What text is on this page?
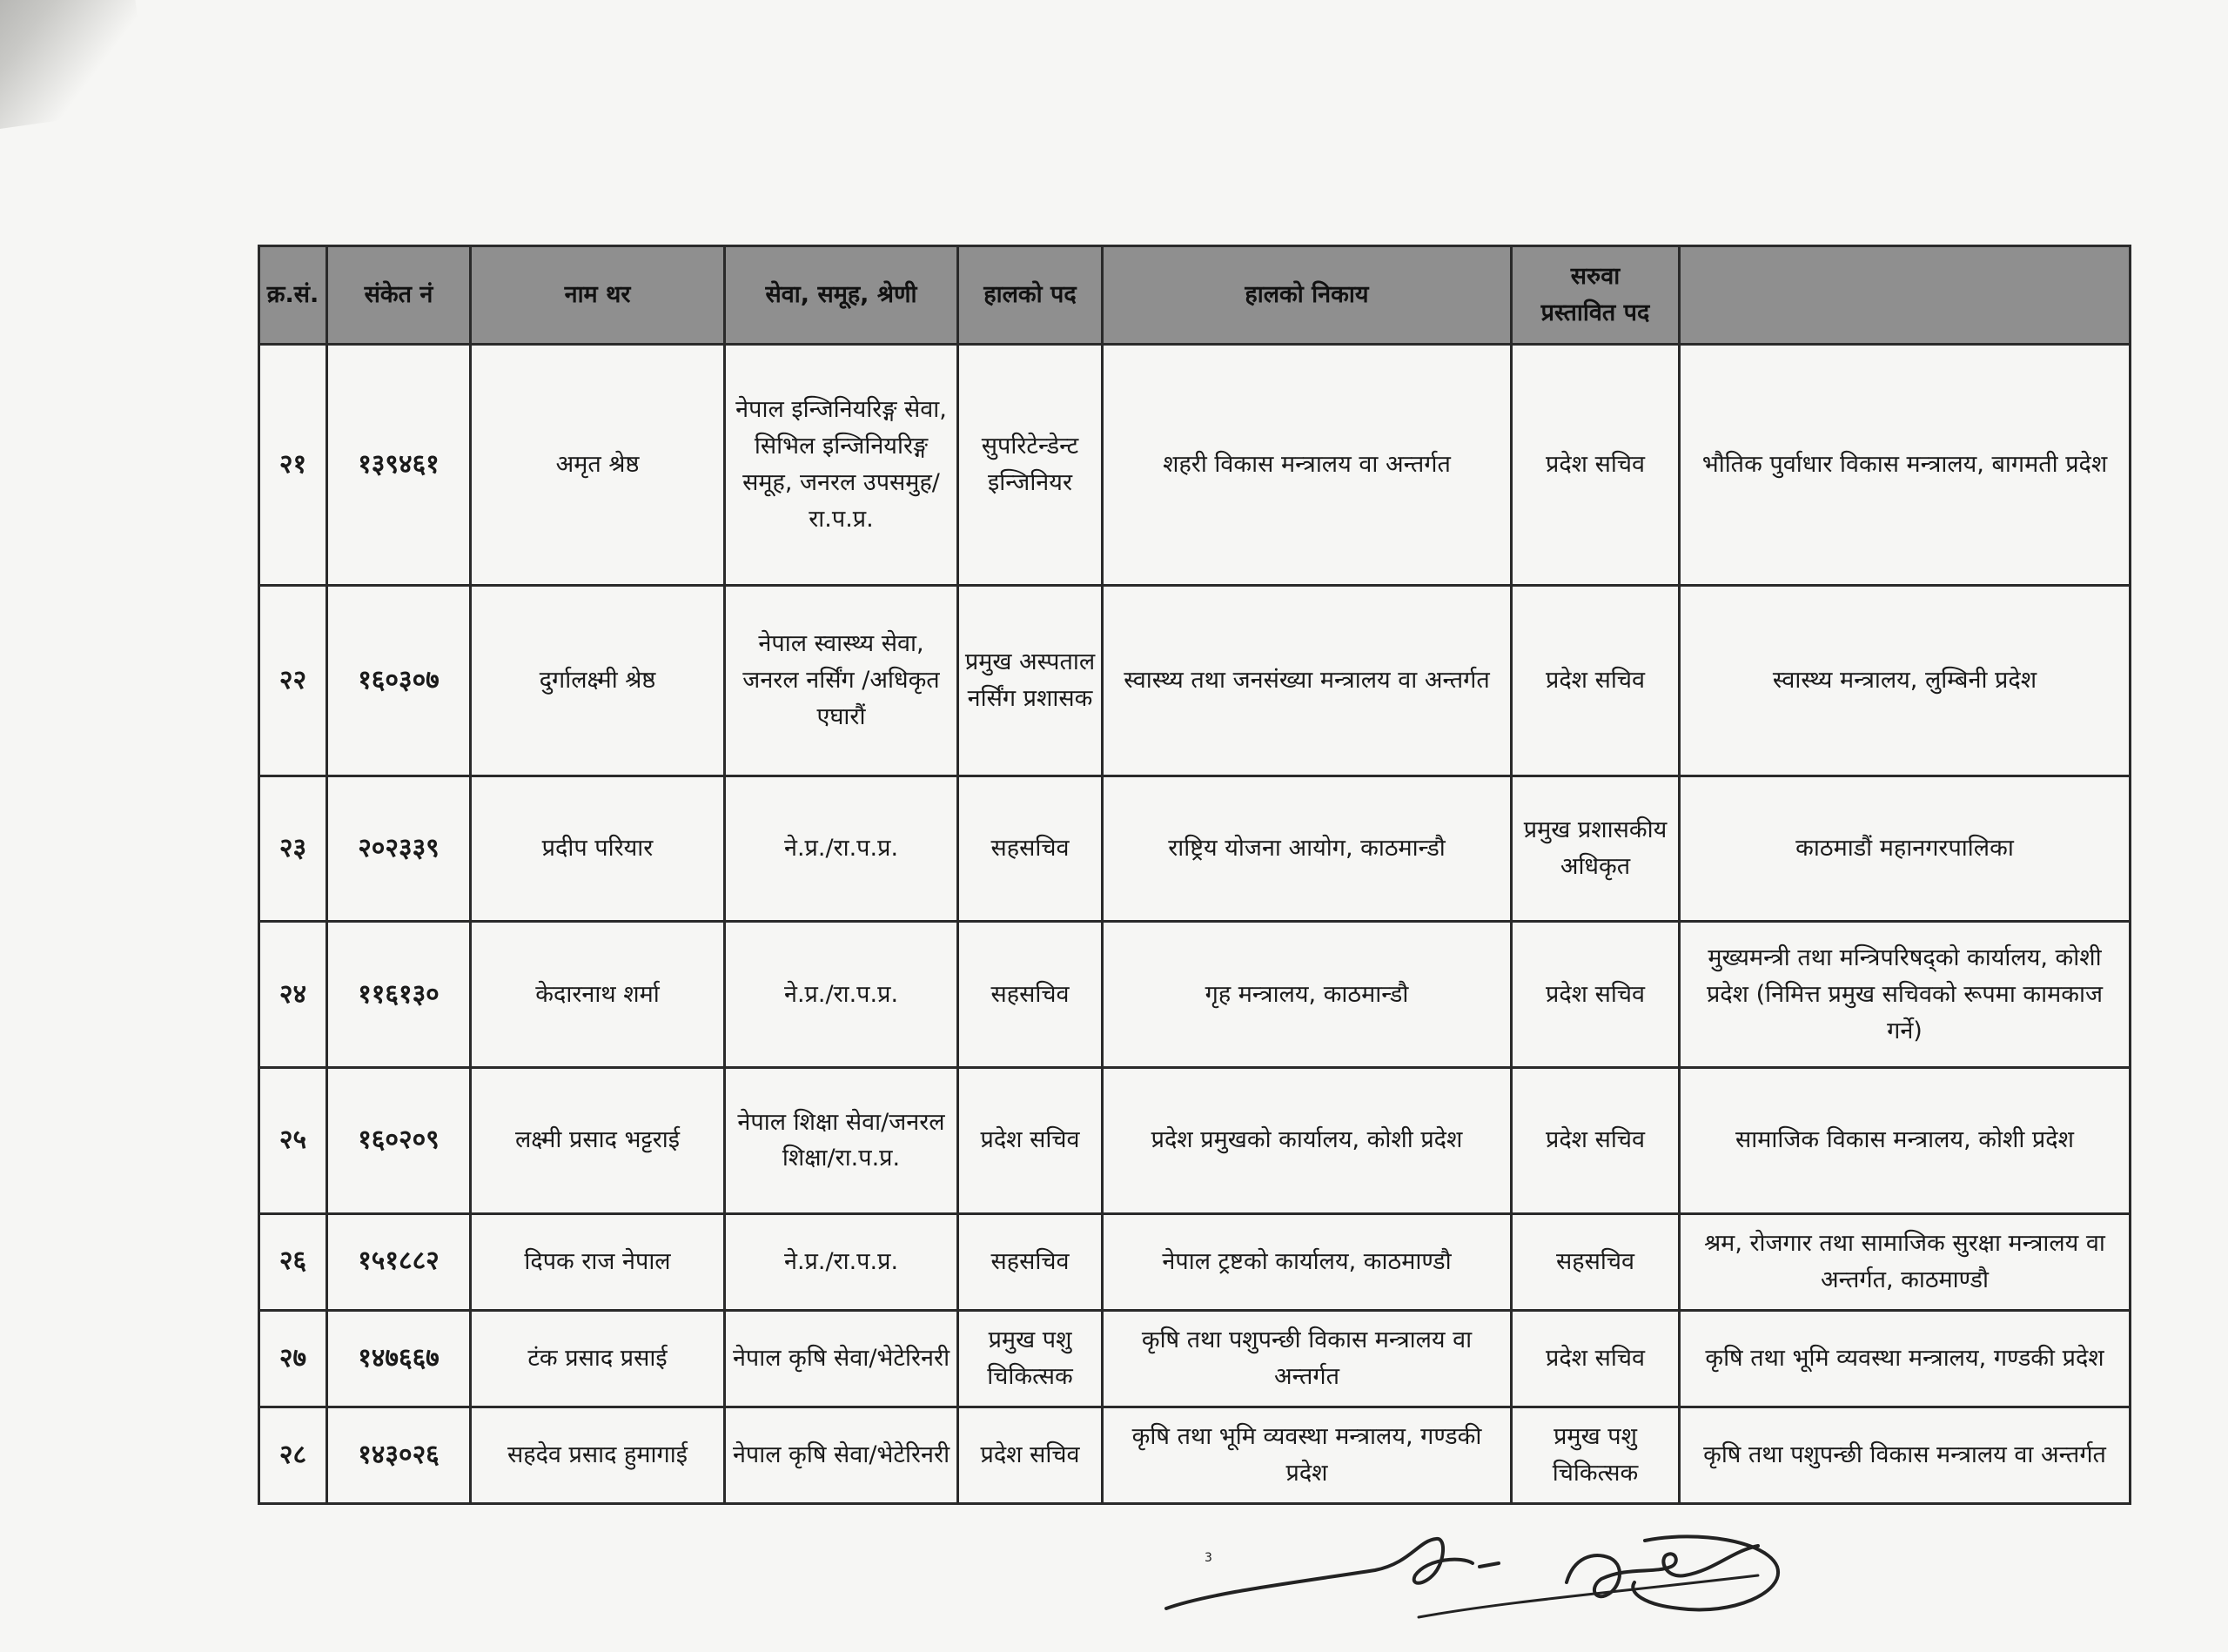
क्र.सं.	संकेत नं	नाम थर	सेवा, समूह, श्रेणी	हालको पद	हालको निकाय	सरुवा
प्रस्तावित पद	
२१	१३९४६१	अमृत श्रेष्ठ	नेपाल इन्जिनियरिङ्ग सेवा, सिभिल इन्जिनियरिङ्ग समूह, जनरल उपसमुह/रा.प.प्र.	सुपरिटेन्डेन्ट इन्जिनियर	शहरी विकास मन्त्रालय वा अन्तर्गत	प्रदेश सचिव	भौतिक पुर्वाधार विकास मन्त्रालय, बागमती प्रदेश
२२	१६०३०७	दुर्गालक्ष्मी श्रेष्ठ	नेपाल स्वास्थ्य सेवा, जनरल नर्सिंग /अधिकृत एघारौं	प्रमुख अस्पताल नर्सिंग प्रशासक	स्वास्थ्य तथा जनसंख्या मन्त्रालय वा अन्तर्गत	प्रदेश सचिव	स्वास्थ्य मन्त्रालय, लुम्बिनी प्रदेश
२३	२०२३३९	प्रदीप परियार	ने.प्र./रा.प.प्र.	सहसचिव	राष्ट्रिय योजना आयोग, काठमान्डौ	प्रमुख प्रशासकीय अधिकृत	काठमाडौं महानगरपालिका
२४	११६१३०	केदारनाथ शर्मा	ने.प्र./रा.प.प्र.	सहसचिव	गृह मन्त्रालय, काठमान्डौ	प्रदेश सचिव	मुख्यमन्त्री तथा मन्त्रिपरिषद्को कार्यालय, कोशी प्रदेश (निमित्त प्रमुख सचिवको रूपमा कामकाज गर्ने)
२५	१६०२०९	लक्ष्मी प्रसाद भट्टराई	नेपाल शिक्षा सेवा/जनरल शिक्षा/रा.प.प्र.	प्रदेश सचिव	प्रदेश प्रमुखको कार्यालय, कोशी प्रदेश	प्रदेश सचिव	सामाजिक विकास मन्त्रालय, कोशी प्रदेश
२६	१५१८८२	दिपक राज नेपाल	ने.प्र./रा.प.प्र.	सहसचिव	नेपाल ट्रष्टको कार्यालय, काठमाण्डौ	सहसचिव	श्रम, रोजगार तथा सामाजिक सुरक्षा मन्त्रालय वा अन्तर्गत, काठमाण्डौ
२७	१४७६६७	टंक प्रसाद प्रसाई	नेपाल कृषि सेवा/भेटेरिनरी	प्रमुख पशु चिकित्सक	कृषि तथा पशुपन्छी विकास मन्त्रालय वा अन्तर्गत	प्रदेश सचिव	कृषि तथा भूमि व्यवस्था मन्त्रालय, गण्डकी प्रदेश
२८	१४३०२६	सहदेव प्रसाद हुमागाई	नेपाल कृषि सेवा/भेटेरिनरी	प्रदेश सचिव	कृषि तथा भूमि व्यवस्था मन्त्रालय, गण्डकी प्रदेश	प्रमुख पशु चिकित्सक	कृषि तथा पशुपन्छी विकास मन्त्रालय वा अन्तर्गत
3
